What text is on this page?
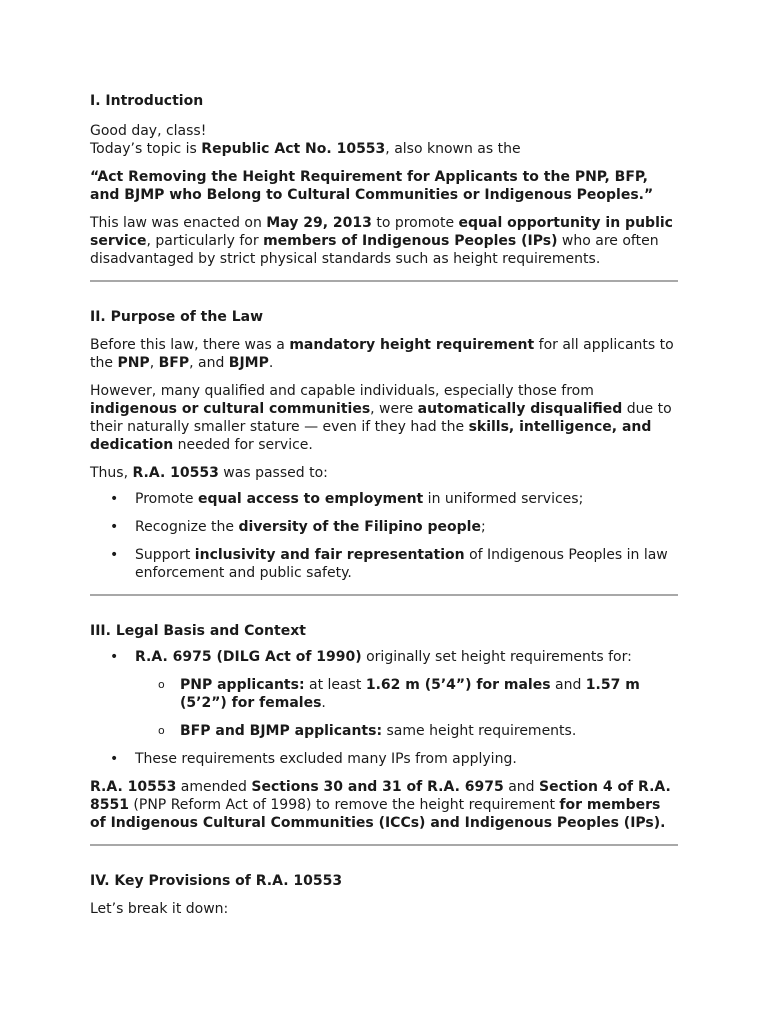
I. Introduction

Good day, class!

Today’s topic is Republic Act No. 10553, also known as the

“Act Removing the Height Requirement for Applicants to the PNP, BFP, and BJMP who Belong to Cultural Communities or Indigenous Peoples.”

This law was enacted on May 29, 2013 to promote equal opportunity in public service, particularly for members of Indigenous Peoples (IPs) who are often disadvantaged by strict physical standards such as height requirements.

II. Purpose of the Law

Before this law, there was a mandatory height requirement for all applicants to the PNP, BFP, and BJMP.

However, many qualified and capable individuals, especially those from indigenous or cultural communities, were automatically disqualified due to their naturally smaller stature — even if they had the skills, intelligence, and dedication needed for service.

Thus, R.A. 10553 was passed to:

• Promote equal access to employment in uniformed services;
• Recognize the diversity of the Filipino people;
• Support inclusivity and fair representation of Indigenous Peoples in law enforcement and public safety.
III. Legal Basis and Context
• R.A. 6975 (DILG Act of 1990) originally set height requirements for:
o PNP applicants: at least 1.62 m (5’4”) for males and 1.57 m (5’2”) for females.
o BFP and BJMP applicants: same height requirements.
• These requirements excluded many IPs from applying.

R.A. 10553 amended Sections 30 and 31 of R.A. 6975 and Section 4 of R.A. 8551 (PNP Reform Act of 1998) to remove the height requirement for members of Indigenous Cultural Communities (ICCs) and Indigenous Peoples (IPs).

IV. Key Provisions of R.A. 10553

Let’s break it down:
